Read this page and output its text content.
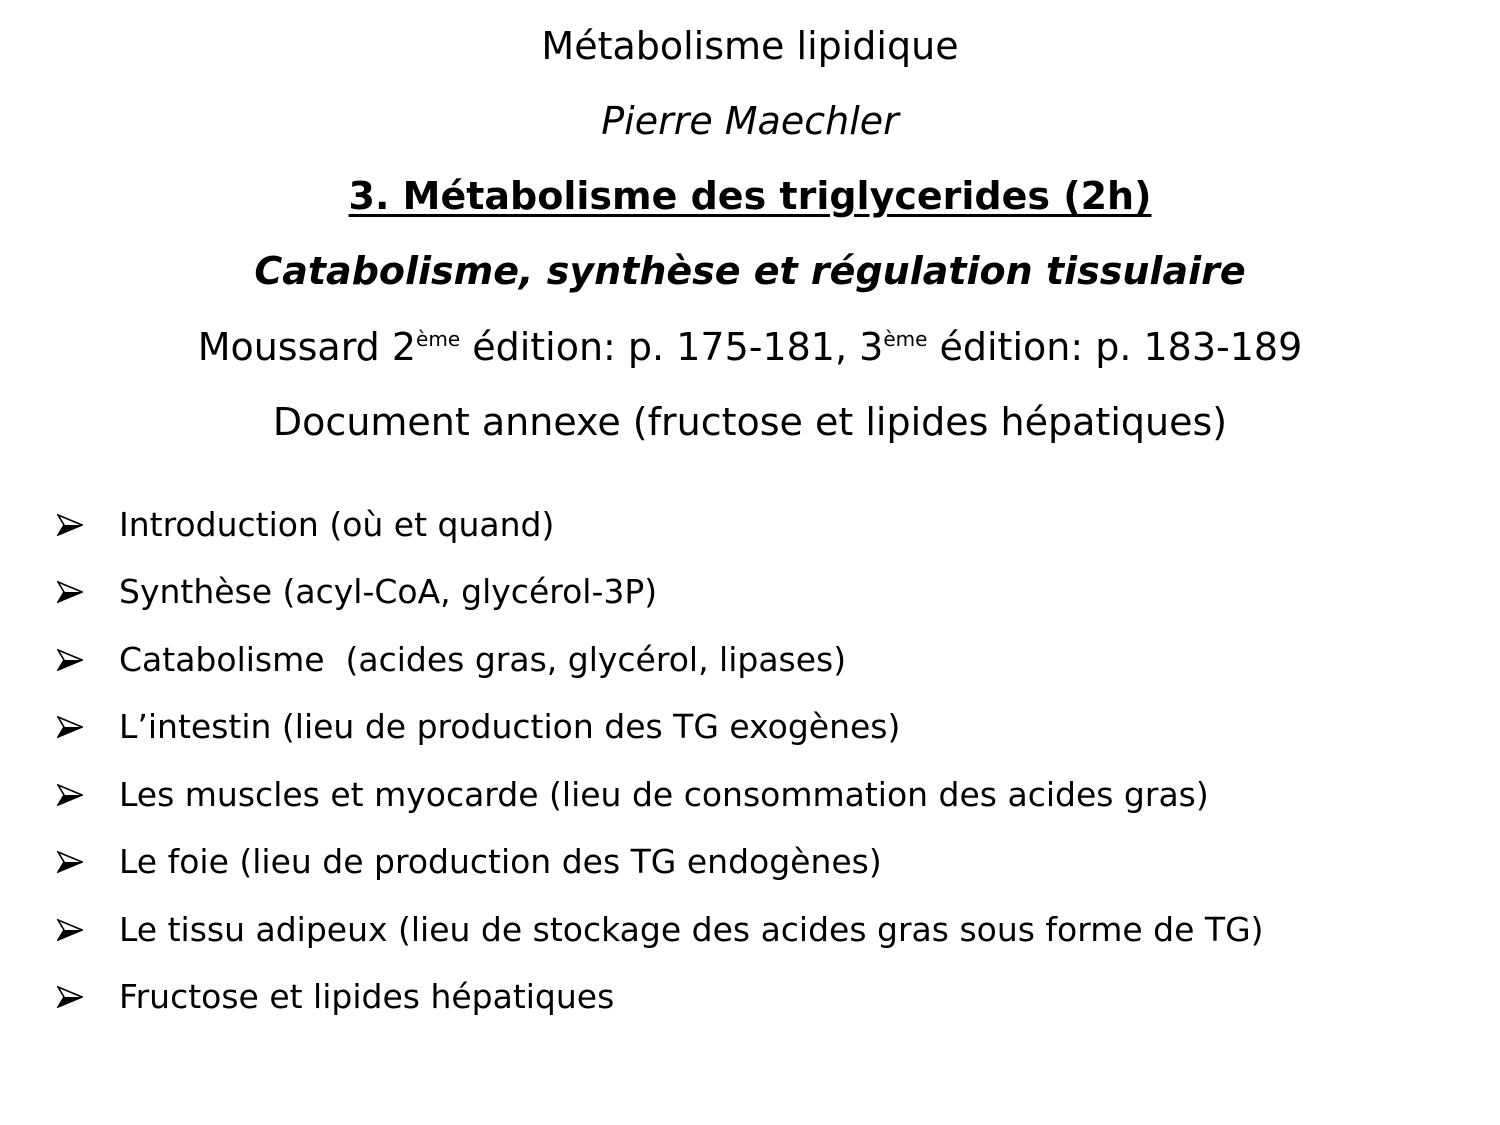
Métabolisme lipidique
Pierre Maechler
3. Métabolisme des triglycerides (2h)
Catabolisme, synthèse et régulation tissulaire
Moussard 2ème édition: p. 175-181, 3ème édition: p. 183-189
Document annexe (fructose et lipides hépatiques)
Introduction (où et quand)
Synthèse (acyl-CoA, glycérol-3P)
Catabolisme  (acides gras, glycérol, lipases)
L’intestin (lieu de production des TG exogènes)
Les muscles et myocarde (lieu de consommation des acides gras)
Le foie (lieu de production des TG endogènes)
Le tissu adipeux (lieu de stockage des acides gras sous forme de TG)
Fructose et lipides hépatiques
